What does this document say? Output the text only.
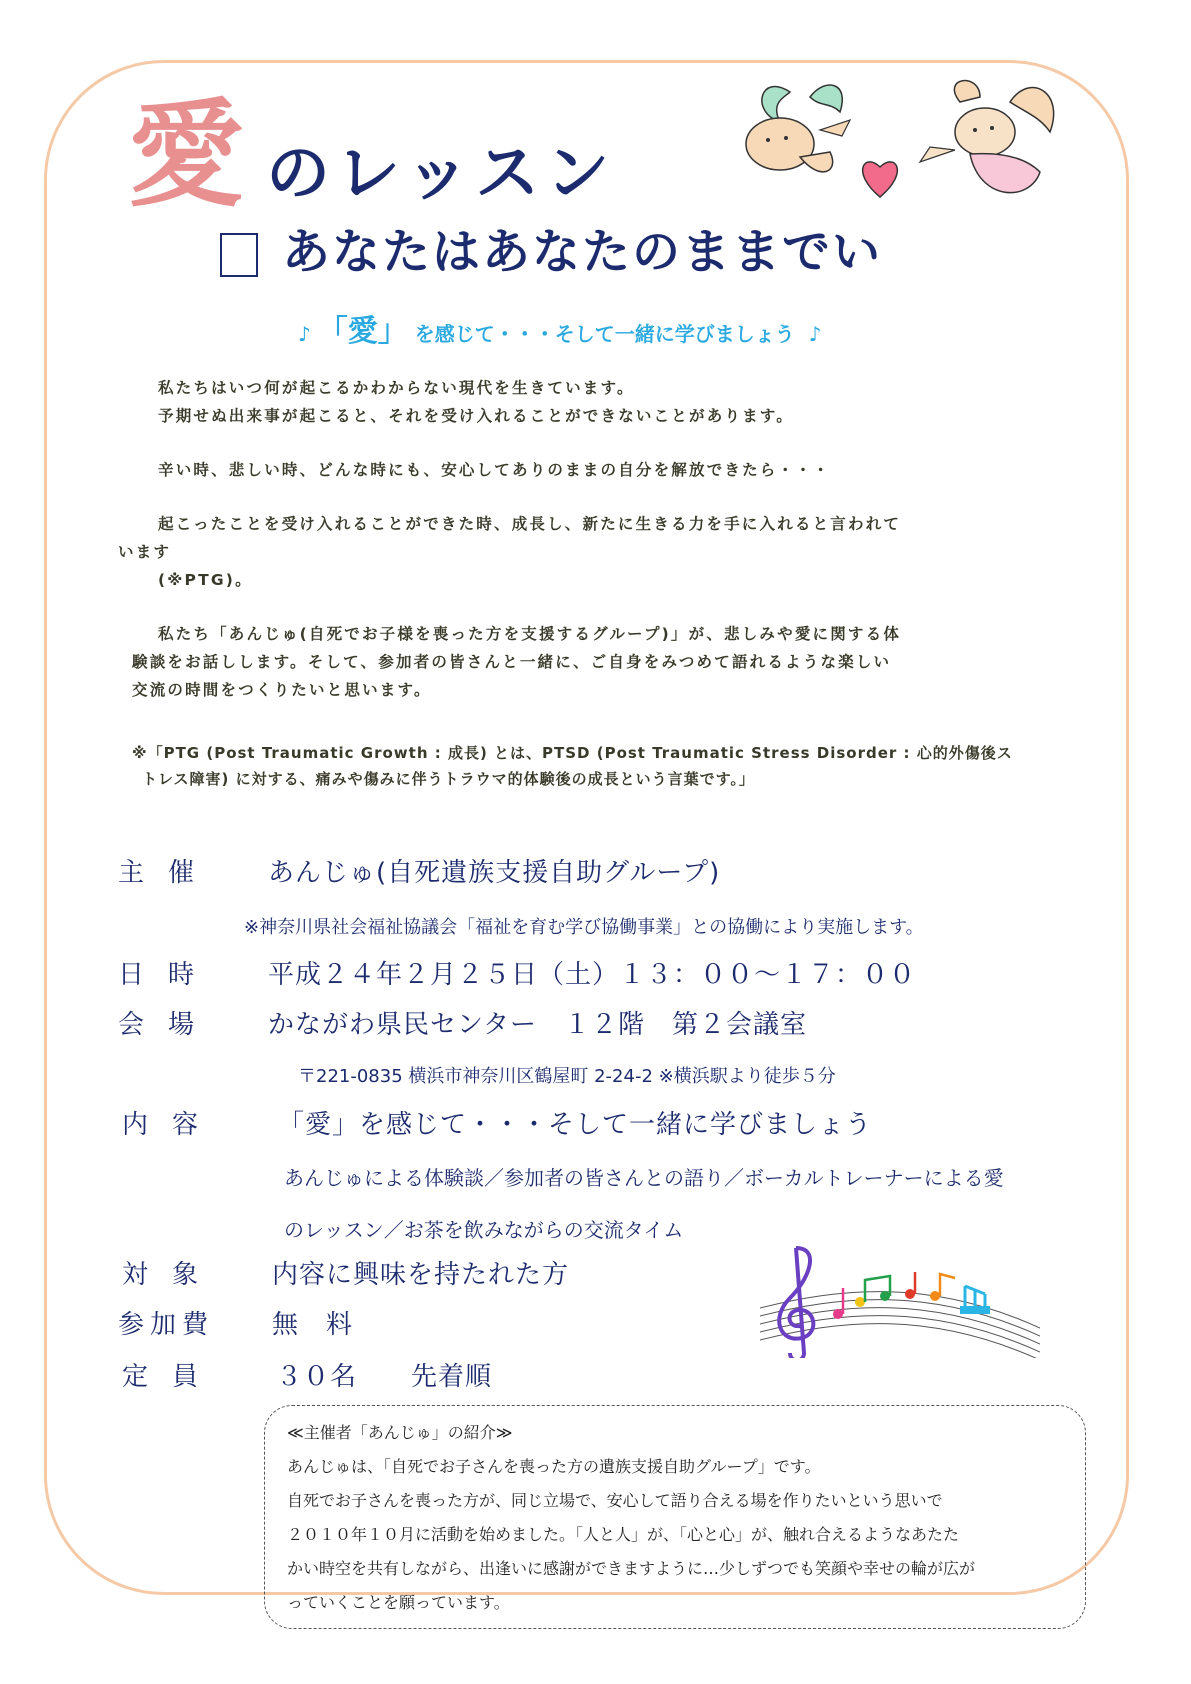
愛 のレッスン
あなたはあなたのままでい
♪ 「愛」 を感じて・・・そして一緒に学びましょう ♪

私たちはいつ何が起こるかわからない現代を生きています。

予期せぬ出来事が起こると、それを受け入れることができないことがあります。

辛い時、悲しい時、どんな時にも、安心してありのままの自分を解放できたら・・・

起こったことを受け入れることができた時、成長し、新たに生きる力を手に入れると言われて

います

(※PTG)。

私たち「あんじゅ(自死でお子様を喪った方を支援するグループ)」が、悲しみや愛に関する体

験談をお話しします。そして、参加者の皆さんと一緒に、ご自身をみつめて語れるような楽しい

交流の時間をつくりたいと思います。

※「PTG (Post Traumatic Growth : 成長) とは、PTSD (Post Traumatic Stress Disorder : 心的外傷後ス
トレス障害) に対する、痛みや傷みに伴うトラウマ的体験後の成長という言葉です。」
主催	あんじゅ(自死遺族支援自助グループ)
※神奈川県社会福祉協議会「福祉を育む学び協働事業」との協働により実施します。
日時	平成２４年２月２５日（土）１３：００～１７：００
会場	かながわ県民センター　１２階　第２会議室
〒221-0835 横浜市神奈川区鶴屋町 2-24-2 ※横浜駅より徒歩５分
内容	「愛」を感じて・・・そして一緒に学びましょう
あんじゅによる体験談／参加者の皆さんとの語り／ボーカルトレーナーによる愛
のレッスン／お茶を飲みながらの交流タイム
対象	内容に興味を持たれた方
参加費	無　料
定員	３０名　　先着順

≪主催者「あんじゅ」の紹介≫

あんじゅは、「自死でお子さんを喪った方の遺族支援自助グループ」です。

自死でお子さんを喪った方が、同じ立場で、安心して語り合える場を作りたいという思いで

２０１０年１０月に活動を始めました。「人と人」が、「心と心」が、触れ合えるようなあたた

かい時空を共有しながら、出逢いに感謝ができますように…少しずつでも笑顔や幸せの輪が広が

っていくことを願っています。
